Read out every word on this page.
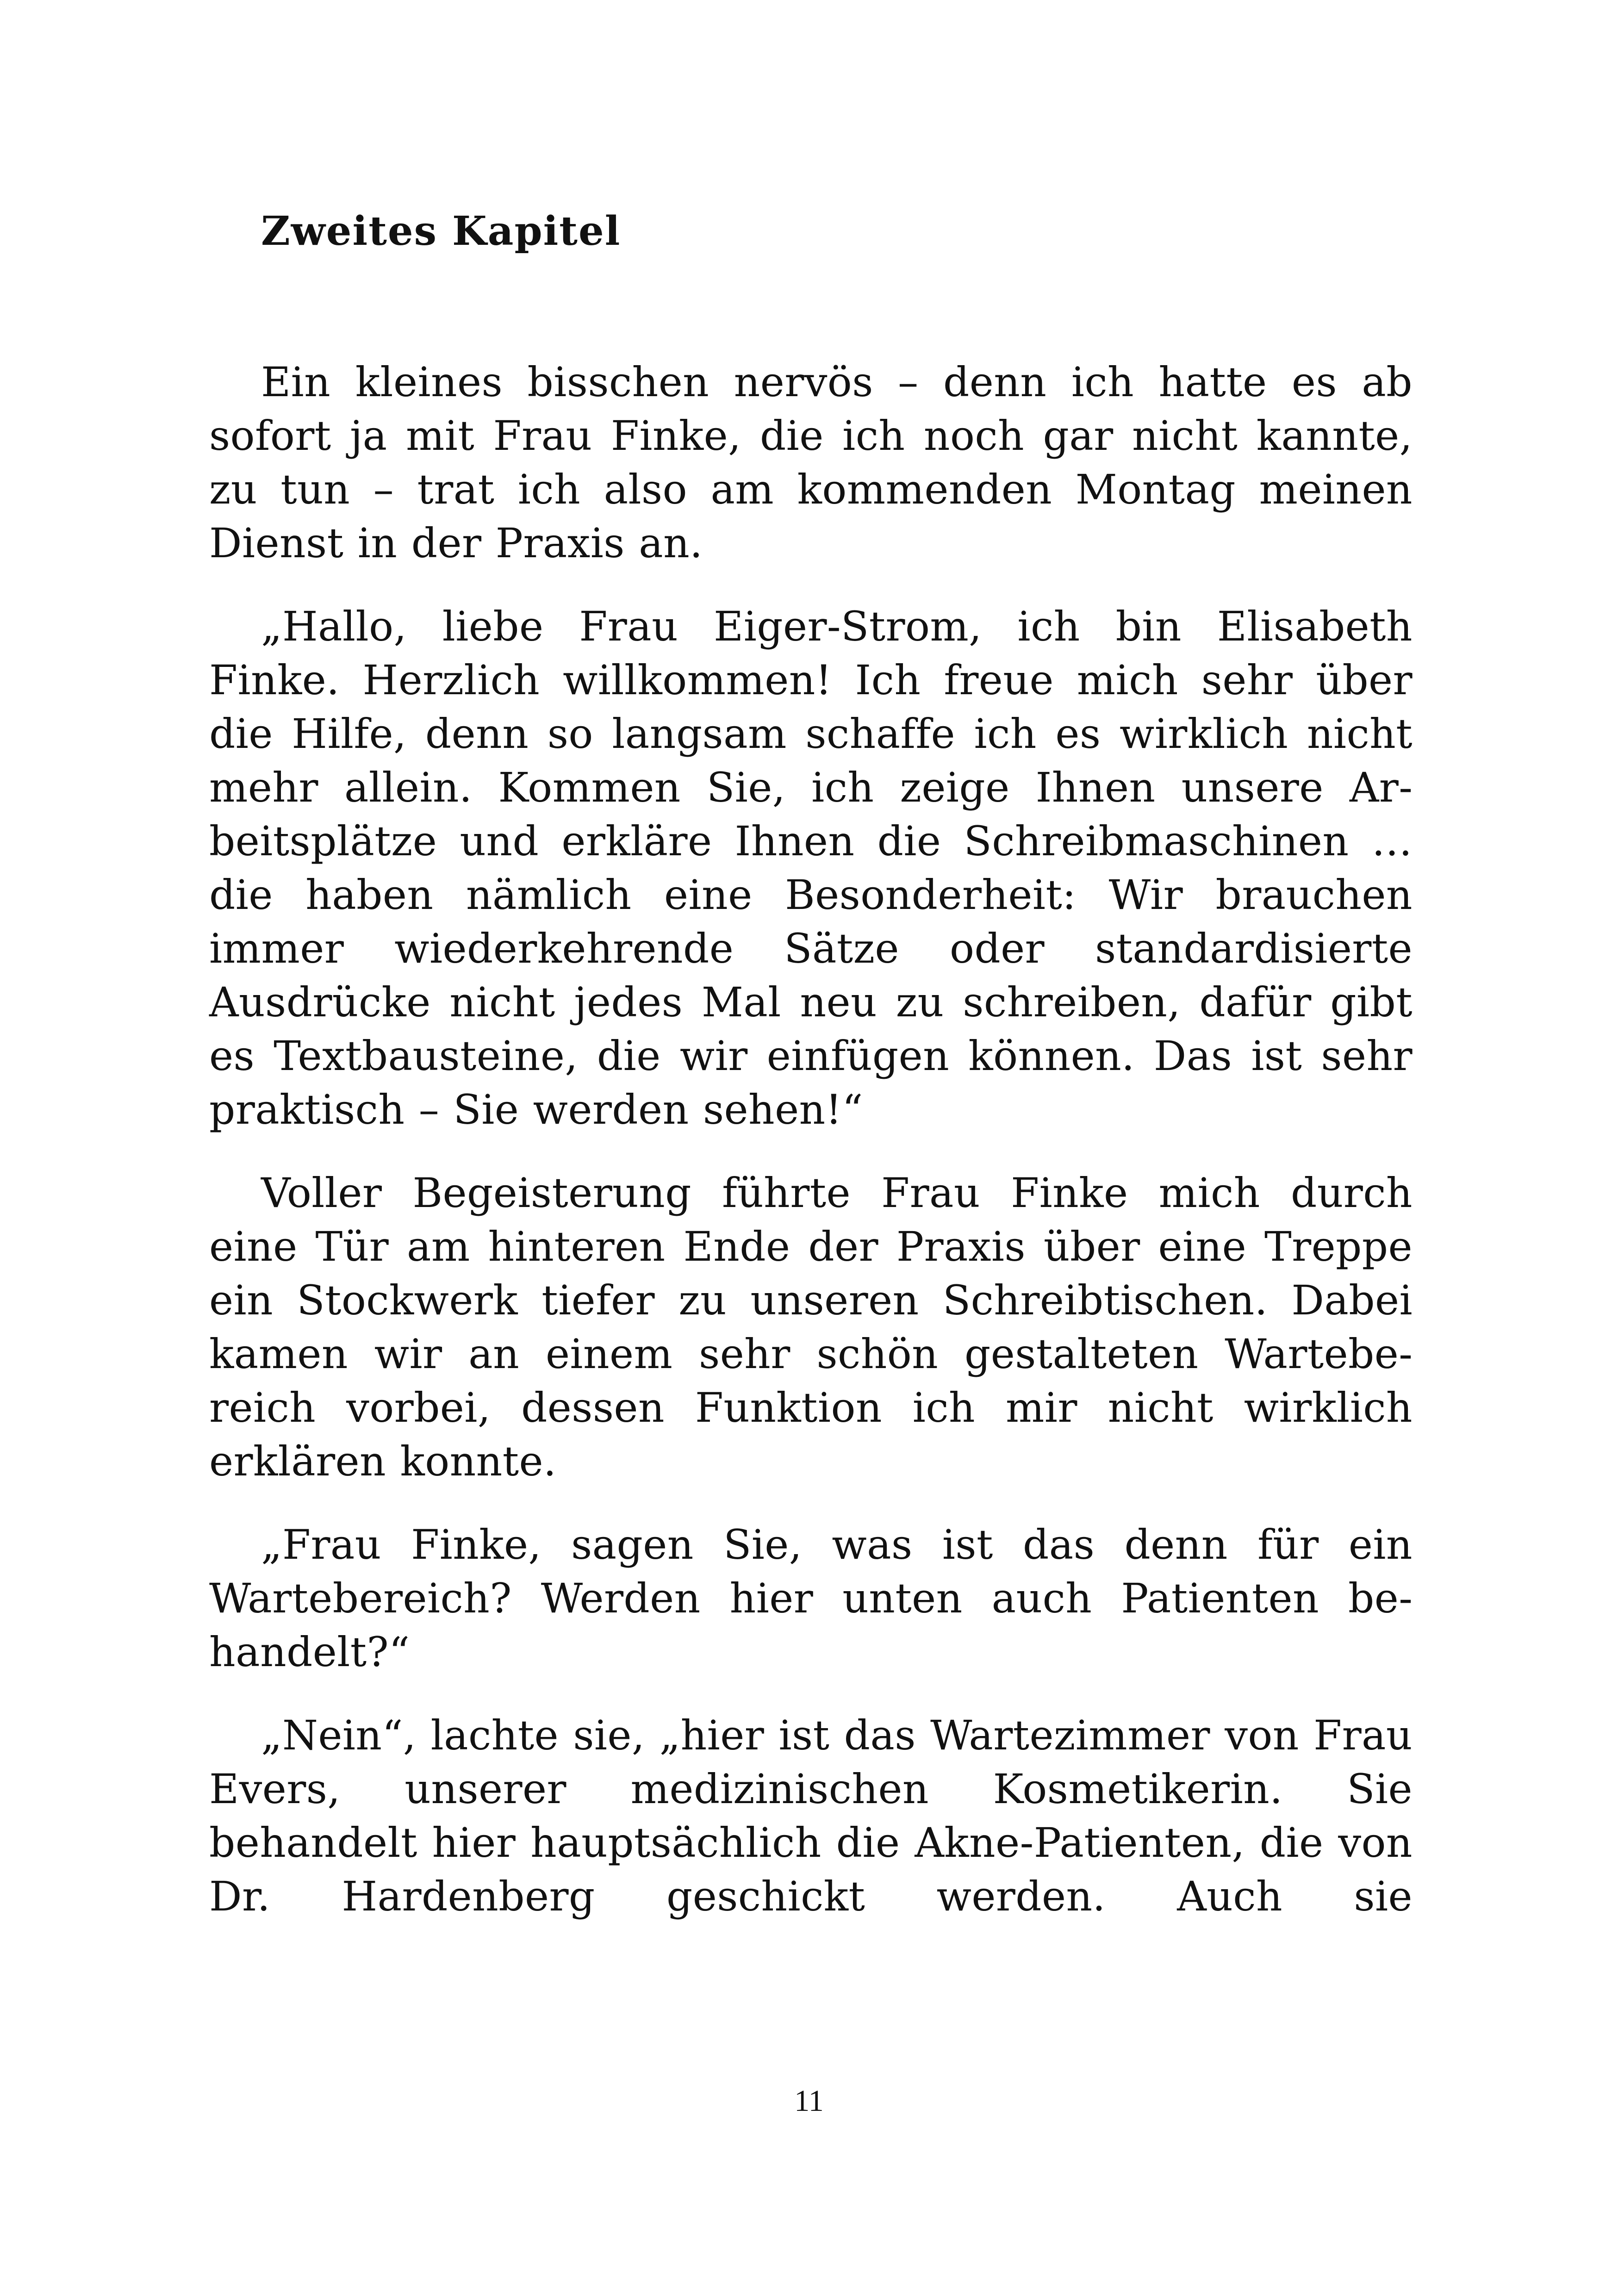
Zweites Kapitel

Ein kleines bisschen nervös – denn ich hatte es ab sofort ja mit Frau Finke, die ich noch gar nicht kannte, zu tun – trat ich also am kommenden Montag meinen Dienst in der Praxis an.

„Hallo, liebe Frau Eiger-Strom, ich bin Elisabeth Finke. Herzlich willkommen! Ich freue mich sehr über die Hilfe, denn so langsam schaffe ich es wirklich nicht mehr allein. Kommen Sie, ich zeige Ihnen unsere Arbeitsplätze und erkläre Ihnen die Schreibmaschinen … die haben nämlich eine Besonderheit: Wir brauchen immer wiederkehrende Sätze oder standardisierte Ausdrücke nicht jedes Mal neu zu schreiben, dafür gibt es Textbausteine, die wir einfügen können. Das ist sehr praktisch – Sie werden sehen!“

Voller Begeisterung führte Frau Finke mich durch eine Tür am hinteren Ende der Praxis über eine Treppe ein Stockwerk tiefer zu unseren Schreibtischen. Dabei kamen wir an einem sehr schön gestalteten Wartebereich vorbei, dessen Funktion ich mir nicht wirklich erklären konnte.

„Frau Finke, sagen Sie, was ist das denn für ein Wartebereich? Werden hier unten auch Patienten behandelt?“

„Nein“, lachte sie, „hier ist das Wartezimmer von Frau Evers, unserer medizinischen Kosmetikerin. Sie behandelt hier hauptsächlich die Akne-Patienten, die von Dr. Hardenberg geschickt werden. Auch sie

11
